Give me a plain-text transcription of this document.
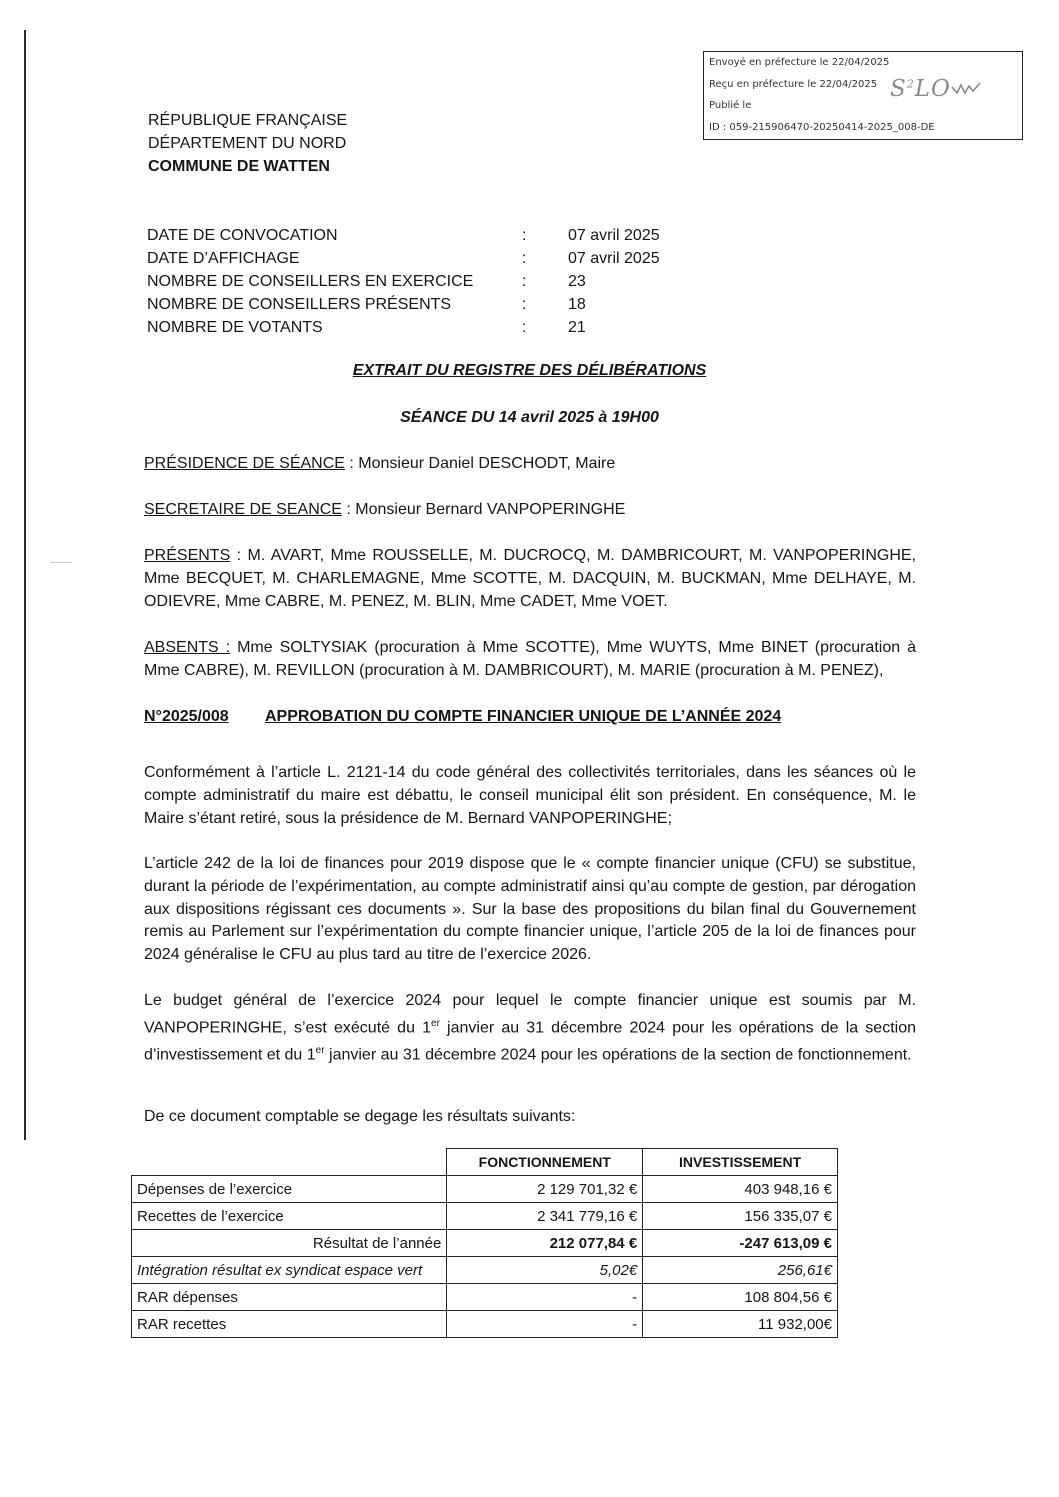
Envoyé en préfecture le 22/04/2025
Reçu en préfecture le 22/04/2025
Publié le
ID : 059-215906470-20250414-2025_008-DE
$S^2LO$
RÉPUBLIQUE FRANÇAISE
DÉPARTEMENT DU NORD
COMMUNE DE WATTEN
DATE DE CONVOCATION	:	07 avril 2025
DATE D’AFFICHAGE	:	07 avril 2025
NOMBRE DE CONSEILLERS EN EXERCICE	:	23
NOMBRE DE CONSEILLERS PRÉSENTS	:	18
NOMBRE DE VOTANTS	:	21
EXTRAIT DU REGISTRE DES DÉLIBÉRATIONS
SÉANCE DU 14 avril 2025 à 19H00
PRÉSIDENCE DE SÉANCE : Monsieur Daniel DESCHODT, Maire
SECRETAIRE DE SEANCE : Monsieur Bernard VANPOPERINGHE
PRÉSENTS : M. AVART, Mme ROUSSELLE, M. DUCROCQ, M. DAMBRICOURT, M. VANPOPERINGHE, Mme BECQUET, M. CHARLEMAGNE, Mme SCOTTE, M. DACQUIN, M. BUCKMAN, Mme DELHAYE, M. ODIEVRE, Mme CABRE, M. PENEZ, M. BLIN, Mme CADET, Mme VOET.
ABSENTS : Mme SOLTYSIAK (procuration à Mme SCOTTE), Mme WUYTS, Mme BINET (procuration à Mme CABRE), M. REVILLON (procuration à M. DAMBRICOURT), M. MARIE (procuration à M. PENEZ),
N°2025/008 APPROBATION DU COMPTE FINANCIER UNIQUE DE L’ANNÉE 2024
Conformément à l’article L. 2121-14 du code général des collectivités territoriales, dans les séances où le compte administratif du maire est débattu, le conseil municipal élit son président. En conséquence, M. le Maire s’étant retiré, sous la présidence de M. Bernard VANPOPERINGHE;
L’article 242 de la loi de finances pour 2019 dispose que le « compte financier unique (CFU) se substitue, durant la période de l’expérimentation, au compte administratif ainsi qu’au compte de gestion, par dérogation aux dispositions régissant ces documents ». Sur la base des propositions du bilan final du Gouvernement remis au Parlement sur l’expérimentation du compte financier unique, l’article 205 de la loi de finances pour 2024 généralise le CFU au plus tard au titre de l’exercice 2026.
Le budget général de l’exercice 2024 pour lequel le compte financier unique est soumis par M. VANPOPERINGHE, s’est exécuté du 1er janvier au 31 décembre 2024 pour les opérations de la section d’investissement et du 1er janvier au 31 décembre 2024 pour les opérations de la section de fonctionnement.
De ce document comptable se degage les résultats suivants:
	FONCTIONNEMENT	INVESTISSEMENT
Dépenses de l’exercice	2 129 701,32 €	403 948,16 €
Recettes de l’exercice	2 341 779,16 €	156 335,07 €
Résultat de l’année	212 077,84 €	-247 613,09 €
Intégration résultat ex syndicat espace vert	5,02€	256,61€
RAR dépenses	-	108 804,56 €
RAR recettes	-	11 932,00€
